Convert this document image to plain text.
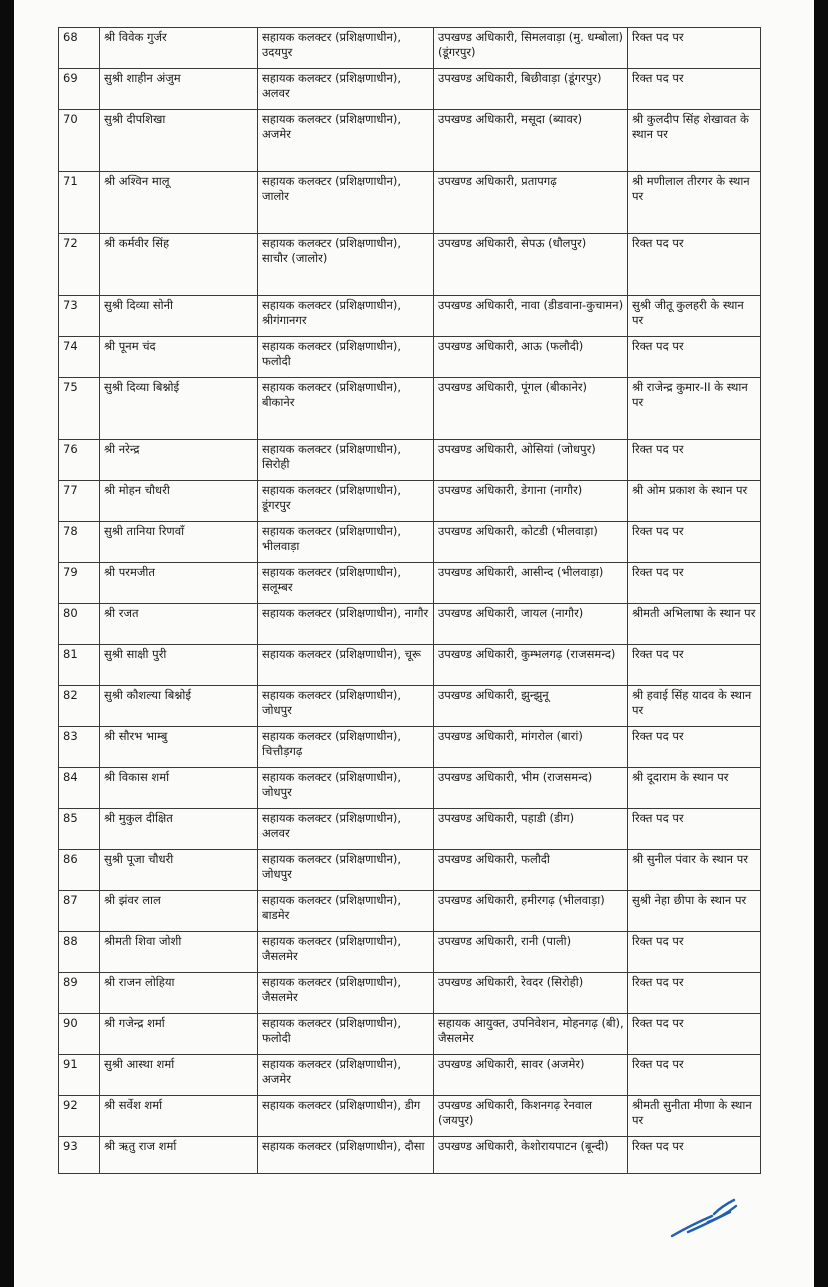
68	श्री विवेक गुर्जर	सहायक कलक्टर (प्रशिक्षणाधीन), उदयपुर	उपखण्ड अधिकारी, सिमलवाड़ा (मु. धम्बोला) (डूंगरपुर)	रिक्त पद पर
69	सुश्री शाहीन अंजुम	सहायक कलक्टर (प्रशिक्षणाधीन), अलवर	उपखण्ड अधिकारी, बिछीवाड़ा (डूंगरपुर)	रिक्त पद पर
70	सुश्री दीपशिखा	सहायक कलक्टर (प्रशिक्षणाधीन), अजमेर	उपखण्ड अधिकारी, मसूदा (ब्यावर)	श्री कुलदीप सिंह शेखावत के स्थान पर
71	श्री अश्विन मालू	सहायक कलक्टर (प्रशिक्षणाधीन), जालोर	उपखण्ड अधिकारी, प्रतापगढ़	श्री मणीलाल तीरगर के स्थान पर
72	श्री कर्मवीर सिंह	सहायक कलक्टर (प्रशिक्षणाधीन), साचौर (जालोर)	उपखण्ड अधिकारी, सेपऊ (धौलपुर)	रिक्त पद पर
73	सुश्री दिव्या सोनी	सहायक कलक्टर (प्रशिक्षणाधीन), श्रीगंगानगर	उपखण्ड अधिकारी, नावा (डीडवाना-कुचामन)	सुश्री जीतू कुलहरी के स्थान पर
74	श्री पूनम चंद	सहायक कलक्टर (प्रशिक्षणाधीन), फलोदी	उपखण्ड अधिकारी, आऊ (फलौदी)	रिक्त पद पर
75	सुश्री दिव्या बिश्नोई	सहायक कलक्टर (प्रशिक्षणाधीन), बीकानेर	उपखण्ड अधिकारी, पूंगल (बीकानेर)	श्री राजेन्द्र कुमार-II के स्थान पर
76	श्री नरेन्द्र	सहायक कलक्टर (प्रशिक्षणाधीन), सिरोही	उपखण्ड अधिकारी, ओसियां (जोधपुर)	रिक्त पद पर
77	श्री मोहन चौधरी	सहायक कलक्टर (प्रशिक्षणाधीन), डूंगरपुर	उपखण्ड अधिकारी, डेगाना (नागौर)	श्री ओम प्रकाश के स्थान पर
78	सुश्री तानिया रिणवाँ	सहायक कलक्टर (प्रशिक्षणाधीन), भीलवाड़ा	उपखण्ड अधिकारी, कोटडी (भीलवाड़ा)	रिक्त पद पर
79	श्री परमजीत	सहायक कलक्टर (प्रशिक्षणाधीन), सलूम्बर	उपखण्ड अधिकारी, आसीन्द (भीलवाड़ा)	रिक्त पद पर
80	श्री रजत	सहायक कलक्टर (प्रशिक्षणाधीन), नागौर	उपखण्ड अधिकारी, जायल (नागौर)	श्रीमती अभिलाषा के स्थान पर
81	सुश्री साक्षी पुरी	सहायक कलक्टर (प्रशिक्षणाधीन), चूरू	उपखण्ड अधिकारी, कुम्भलगढ़ (राजसमन्द)	रिक्त पद पर
82	सुश्री कौशल्या बिश्नोई	सहायक कलक्टर (प्रशिक्षणाधीन), जोधपुर	उपखण्ड अधिकारी, झुन्झुनू	श्री हवाई सिंह यादव के स्थान पर
83	श्री सौरभ भाम्बु	सहायक कलक्टर (प्रशिक्षणाधीन), चित्तौड़गढ़	उपखण्ड अधिकारी, मांगरोल (बारां)	रिक्त पद पर
84	श्री विकास शर्मा	सहायक कलक्टर (प्रशिक्षणाधीन), जोधपुर	उपखण्ड अधिकारी, भीम (राजसमन्द)	श्री दूदाराम के स्थान पर
85	श्री मुकुल दीक्षित	सहायक कलक्टर (प्रशिक्षणाधीन), अलवर	उपखण्ड अधिकारी, पहाडी (डीग)	रिक्त पद पर
86	सुश्री पूजा चौधरी	सहायक कलक्टर (प्रशिक्षणाधीन), जोधपुर	उपखण्ड अधिकारी, फलौदी	श्री सुनील पंवार के स्थान पर
87	श्री झंवर लाल	सहायक कलक्टर (प्रशिक्षणाधीन), बाडमेर	उपखण्ड अधिकारी, हमीरगढ़ (भीलवाड़ा)	सुश्री नेहा छीपा के स्थान पर
88	श्रीमती शिवा जोशी	सहायक कलक्टर (प्रशिक्षणाधीन), जैसलमेर	उपखण्ड अधिकारी, रानी (पाली)	रिक्त पद पर
89	श्री राजन लोहिया	सहायक कलक्टर (प्रशिक्षणाधीन), जैसलमेर	उपखण्ड अधिकारी, रेवदर (सिरोही)	रिक्त पद पर
90	श्री गजेन्द्र शर्मा	सहायक कलक्टर (प्रशिक्षणाधीन), फलोदी	सहायक आयुक्त, उपनिवेशन, मोहनगढ़ (बी), जैसलमेर	रिक्त पद पर
91	सुश्री आस्था शर्मा	सहायक कलक्टर (प्रशिक्षणाधीन), अजमेर	उपखण्ड अधिकारी, सावर (अजमेर)	रिक्त पद पर
92	श्री सर्वेश शर्मा	सहायक कलक्टर (प्रशिक्षणाधीन), डीग	उपखण्ड अधिकारी, किशनगढ़ रेनवाल (जयपुर)	श्रीमती सुनीता मीणा के स्थान पर
93	श्री ऋतु राज शर्मा	सहायक कलक्टर (प्रशिक्षणाधीन), दौसा	उपखण्ड अधिकारी, केशोरायपाटन (बून्दी)	रिक्त पद पर
